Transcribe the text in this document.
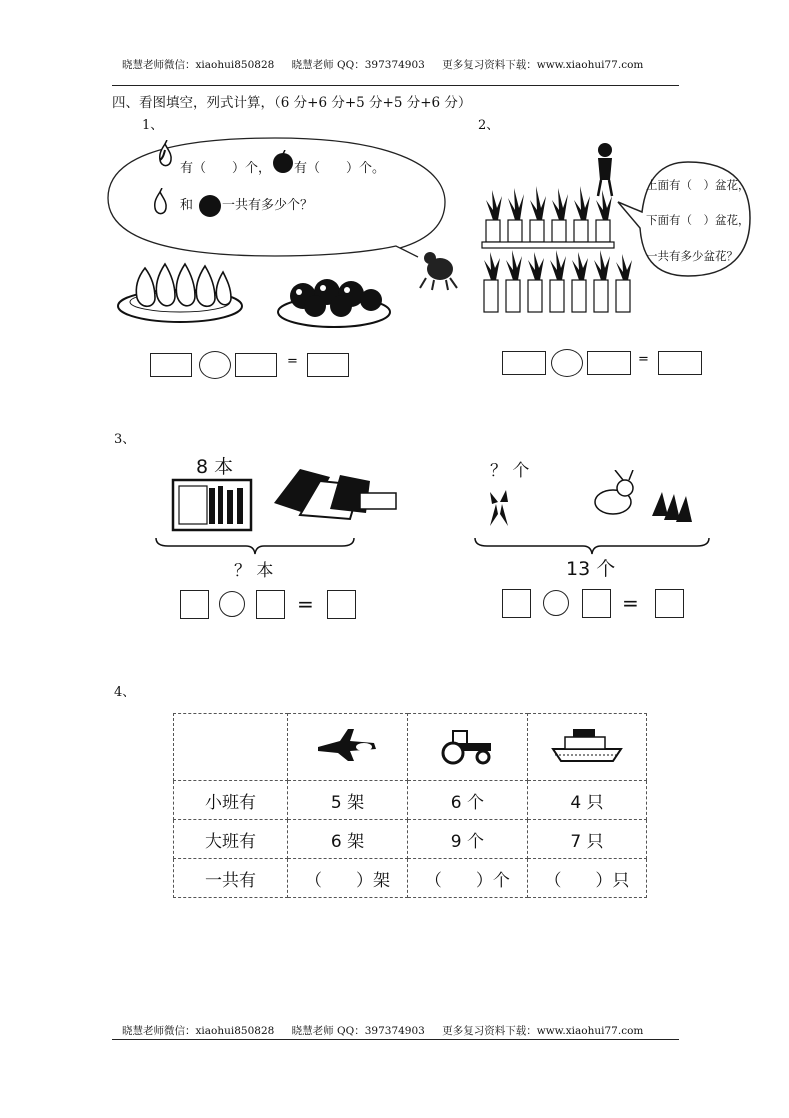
晓慧老师微信：xiaohui850828 晓慧老师 QQ：397374903 更多复习资料下载：www.xiaohui77.com
四、看图填空，列式计算，（6 分+6 分+5 分+5 分+6 分）
1、
有（　　）个， 有（　　）个。
和 一共有多少个？
=
2、
上面有（　）盆花，
下面有（　）盆花，
一共有多少盆花？
=
3、
8 本
？ 本
=
？ 个
13 个
=
4、

小班有	5 架	6 个	4 只
大班有	6 架	9 个	7 只
一共有	（　　）架	（　　）个	（　　）只
晓慧老师微信：xiaohui850828 晓慧老师 QQ：397374903 更多复习资料下载：www.xiaohui77.com
